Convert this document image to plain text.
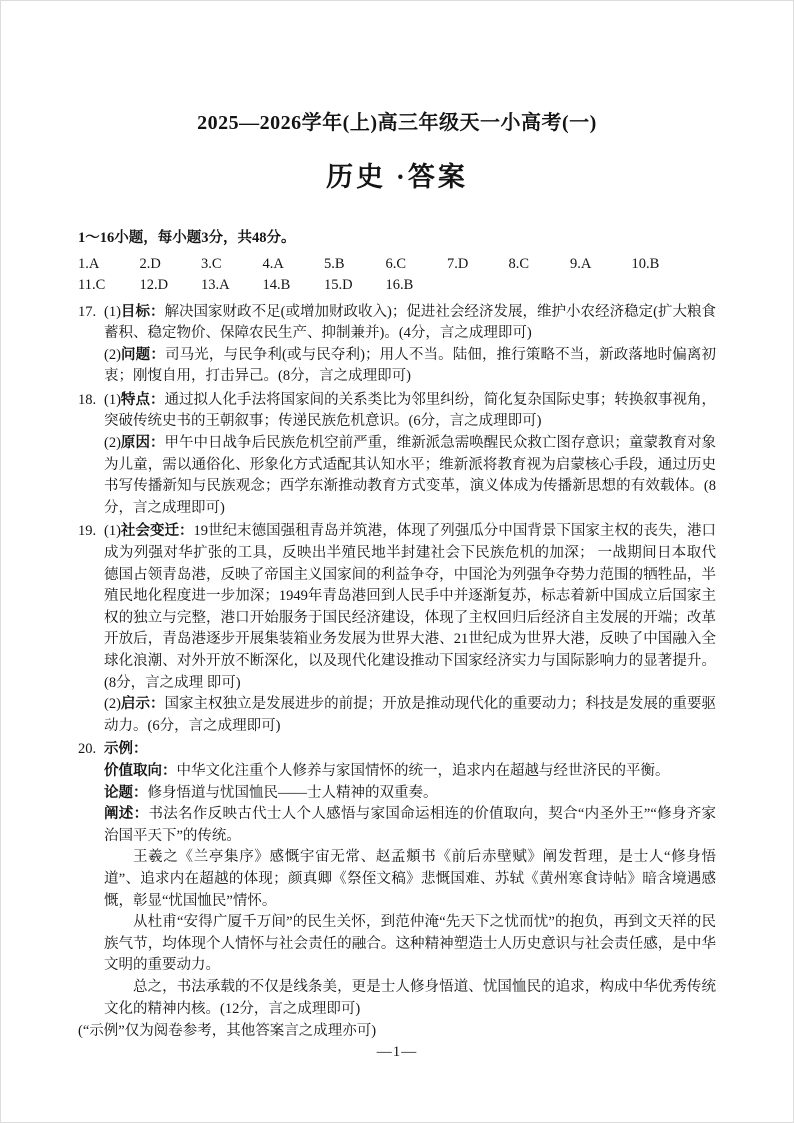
2025—2026学年(上)高三年级天一小高考(一)
历史 ·答案

1～16小题，每小题3分，共48分。

1.A	2.D	3.C	4.A	5.B	6.C	7.D	8.C	9.A	10.B
11.C	12.D	13.A	14.B	15.D	16.B
17. (1)目标：解决国家财政不足(或增加财政收入)；促进社会经济发展，维护小农经济稳定(扩大粮食蓄积、稳定物价、保障农民生产、抑制兼并)。(4分，言之成理即可)
(2)问题：司马光，与民争利(或与民夺利)；用人不当。陆佃，推行策略不当，新政落地时偏离初衷；刚愎自用，打击异己。(8分，言之成理即可)
18. (1)特点：通过拟人化手法将国家间的关系类比为邻里纠纷，简化复杂国际史事；转换叙事视角，突破传统史书的王朝叙事；传递民族危机意识。(6分，言之成理即可)
(2)原因：甲午中日战争后民族危机空前严重，维新派急需唤醒民众救亡图存意识；童蒙教育对象为儿童，需以通俗化、形象化方式适配其认知水平；维新派将教育视为启蒙核心手段，通过历史书写传播新知与民族观念；西学东渐推动教育方式变革，演义体成为传播新思想的有效载体。(8分，言之成理即可)
19. (1)社会变迁：19世纪末德国强租青岛并筑港，体现了列强瓜分中国背景下国家主权的丧失，港口成为列强对华扩张的工具，反映出半殖民地半封建社会下民族危机的加深； 一战期间日本取代德国占领青岛港，反映了帝国主义国家间的利益争夺，中国沦为列强争夺势力范围的牺牲品，半殖民地化程度进一步加深；1949年青岛港回到人民手中并逐渐复苏，标志着新中国成立后国家主权的独立与完整，港口开始服务于国民经济建设，体现了主权回归后经济自主发展的开端；改革开放后，青岛港逐步开展集装箱业务发展为世界大港、21世纪成为世界大港，反映了中国融入全球化浪潮、对外开放不断深化，以及现代化建设推动下国家经济实力与国际影响力的显著提升。(8分，言之成理 即可)
(2)启示：国家主权独立是发展进步的前提；开放是推动现代化的重要动力；科技是发展的重要驱动力。(6分，言之成理即可)
20. 示例：
价值取向：中华文化注重个人修养与家国情怀的统一，追求内在超越与经世济民的平衡。
论题：修身悟道与忧国恤民——士人精神的双重奏。
阐述：书法名作反映古代士人个人感悟与家国命运相连的价值取向，契合“内圣外王”“修身齐家治国平天下”的传统。
王羲之《兰亭集序》感慨宇宙无常、赵孟頫书《前后赤壁赋》阐发哲理，是士人“修身悟道”、追求内在超越的体现；颜真卿《祭侄文稿》悲慨国难、苏轼《黄州寒食诗帖》暗含境遇感慨，彰显“忧国恤民”情怀。
从杜甫“安得广厦千万间”的民生关怀，到范仲淹“先天下之忧而忧”的抱负，再到文天祥的民族气节，均体现个人情怀与社会责任的融合。这种精神塑造士人历史意识与社会责任感，是中华文明的重要动力。
总之，书法承载的不仅是线条美，更是士人修身悟道、忧国恤民的追求，构成中华优秀传统文化的精神内核。(12分，言之成理即可)
(“示例”仅为阅卷参考，其他答案言之成理亦可)
—1—
